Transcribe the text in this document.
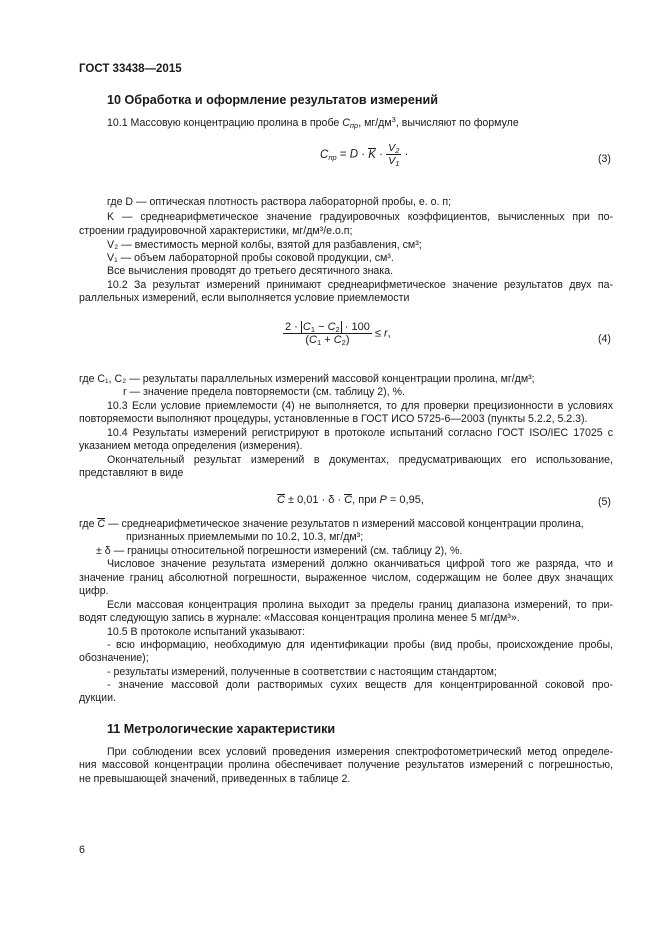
ГОСТ 33438—2015
10 Обработка и оформление результатов измерений
10.1 Массовую концентрацию пролина в пробе Cпр, $мг/дм^3$, вычисляют по формуле
Cпр = $D \cdot K \cdot \frac{V2}{V1}$ ·	(3)
где D — оптическая плотность раствора лабораторной пробы, е. о. п;
K — среднеарифметическое значение градуировочных коэффициентов, вычисленных при по-
строении градуировочной характеристики, мг/дм³/е.о.п;
V₂ — вместимость мерной колбы, взятой для разбавления, см³;
V₁ — объем лабораторной пробы соковой продукции, см³.
Все вычисления проводят до третьего десятичного знака.
10.2 За результат измерений принимают среднеарифметическое значение результатов двух па-
раллельных измерений, если выполняется условие приемлемости
$\frac{2 \cdot C1 - C2 \cdot 100}{(C1 + C2)} \le r$,	(4)
где C₁, C₂ — результаты параллельных измерений массовой концентрации пролина, мг/дм³;
r — значение предела повторяемости (см. таблицу 2), %.
10.3 Если условие приемлемости (4) не выполняется, то для проверки прецизионности в условиях
повторяемости выполняют процедуры, установленные в ГОСТ ИСО 5725-6—2003 (пункты 5.2.2, 5.2.3).
10.4 Результаты измерений регистрируют в протоколе испытаний согласно ГОСТ ISO/IEC 17025 с
указанием метода определения (измерения).
Окончательный результат измерений в документах, предусматривающих его использование,
представляют в виде
C ± 0,01 · δ · C, при P = 0,95,	(5)
где C — среднеарифметическое значение результатов n измерений массовой концентрации пролина,
признанных приемлемыми по 10.2, 10.3, мг/дм³;
± δ — границы относительной погрешности измерений (см. таблицу 2), %.
Числовое значение результата измерений должно оканчиваться цифрой того же разряда, что и
значение границ абсолютной погрешности, выраженное числом, содержащим не более двух значащих
цифр.
Если массовая концентрация пролина выходит за пределы границ диапазона измерений, то при-
водят следующую запись в журнале: «Массовая концентрация пролина менее 5 мг/дм³».
10.5 В протоколе испытаний указывают:
- всю информацию, необходимую для идентификации пробы (вид пробы, происхождение пробы,
обозначение);
- результаты измерений, полученные в соответствии с настоящим стандартом;
- значение массовой доли растворимых сухих веществ для концентрированной соковой про-
дукции.
11 Метрологические характеристики
При соблюдении всех условий проведения измерения спектрофотометрический метод определе-
ния массовой концентрации пролина обеспечивает получение результатов измерений с погрешностью,
не превышающей значений, приведенных в таблице 2.
6
